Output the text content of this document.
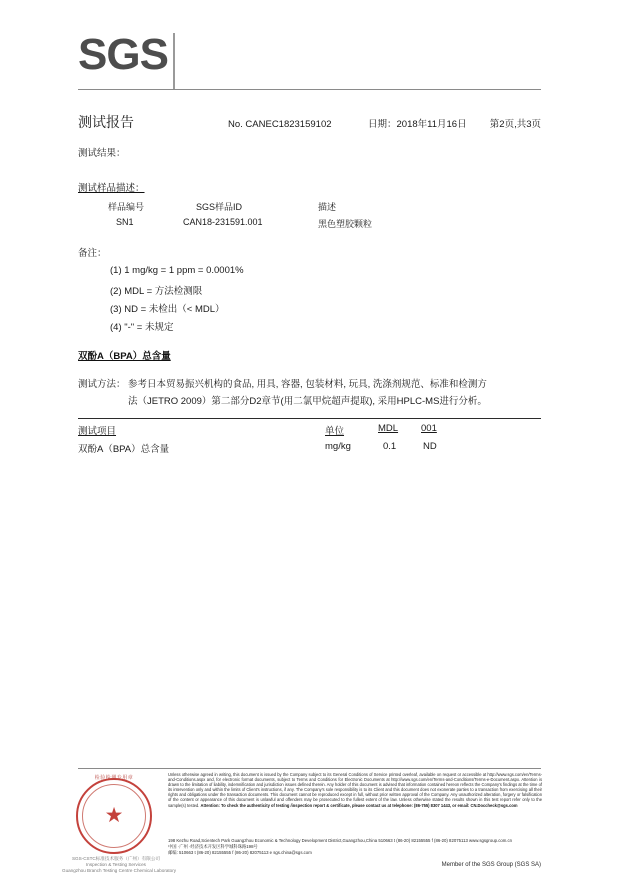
SGS
测试报告	No. CANEC1823159102	日期：2018年11月16日	第2页,共3页
测试结果：
测试样品描述：
样品编号	SGS样品ID	描述
SN1	CAN18-231591.001	黑色塑胶颗粒
备注：
(1) 1 mg/kg = 1 ppm = 0.0001%
(2) MDL = 方法检测限
(3) ND = 未检出（< MDL）
(4) "-" = 未规定
双酚A（BPA）总含量
测试方法： 参考日本贸易振兴机构的食品, 用具, 容器, 包装材料, 玩具, 洗涤剂规范、标准和检测方
法（JETRO 2009）第二部分D2章节(用二氯甲烷超声提取), 采用HPLC-MS进行分析。
测试项目	单位	MDL 001
双酚A（BPA）总含量	mg/kg	0.1	ND
检验检测专用章
★
SGS-CSTC标准技术服务（广州）有限公司
Inspection & Testing Services
Guangzhou Branch Testing Centre Chemical Laboratory
Unless otherwise agreed in writing, this document is issued by the Company subject to its General Conditions of Service printed overleaf, available on request or accessible at http://www.sgs.com/en/Terms-and-Conditions.aspx and, for electronic format documents, subject to Terms and Conditions for Electronic Documents at http://www.sgs.com/en/Terms-and-Conditions/Terms-e-Document.aspx. Attention is drawn to the limitation of liability, indemnification and jurisdiction issues defined therein. Any holder of this document is advised that information contained hereon reflects the Company's findings at the time of its intervention only and within the limits of Client's instructions, if any. The Company's sole responsibility is to its Client and this document does not exonerate parties to a transaction from exercising all their rights and obligations under the transaction documents. This document cannot be reproduced except in full, without prior written approval of the Company. Any unauthorized alteration, forgery or falsification of the content or appearance of this document is unlawful and offenders may be prosecuted to the fullest extent of the law. Unless otherwise stated the results shown in this test report refer only to the sample(s) tested. Attention: To check the authenticity of testing /inspection report & certificate, please contact us at telephone: (86-755) 8307 1443, or email: CN.Doccheck@sgs.com
198 Kezhu Road,Scientech Park Guangzhou Economic & Technology Development District,Guangzhou,China 510663 t (86-20) 82155555 f (86-20) 82075113 www.sgsgroup.com.cn
中国 ·广州 ·经济技术开发区科学城科珠路198号
邮编: 510663 t (86-20) 82155555 f (86-20) 82075113 e sgs.china@sgs.com
Member of the SGS Group (SGS SA)
